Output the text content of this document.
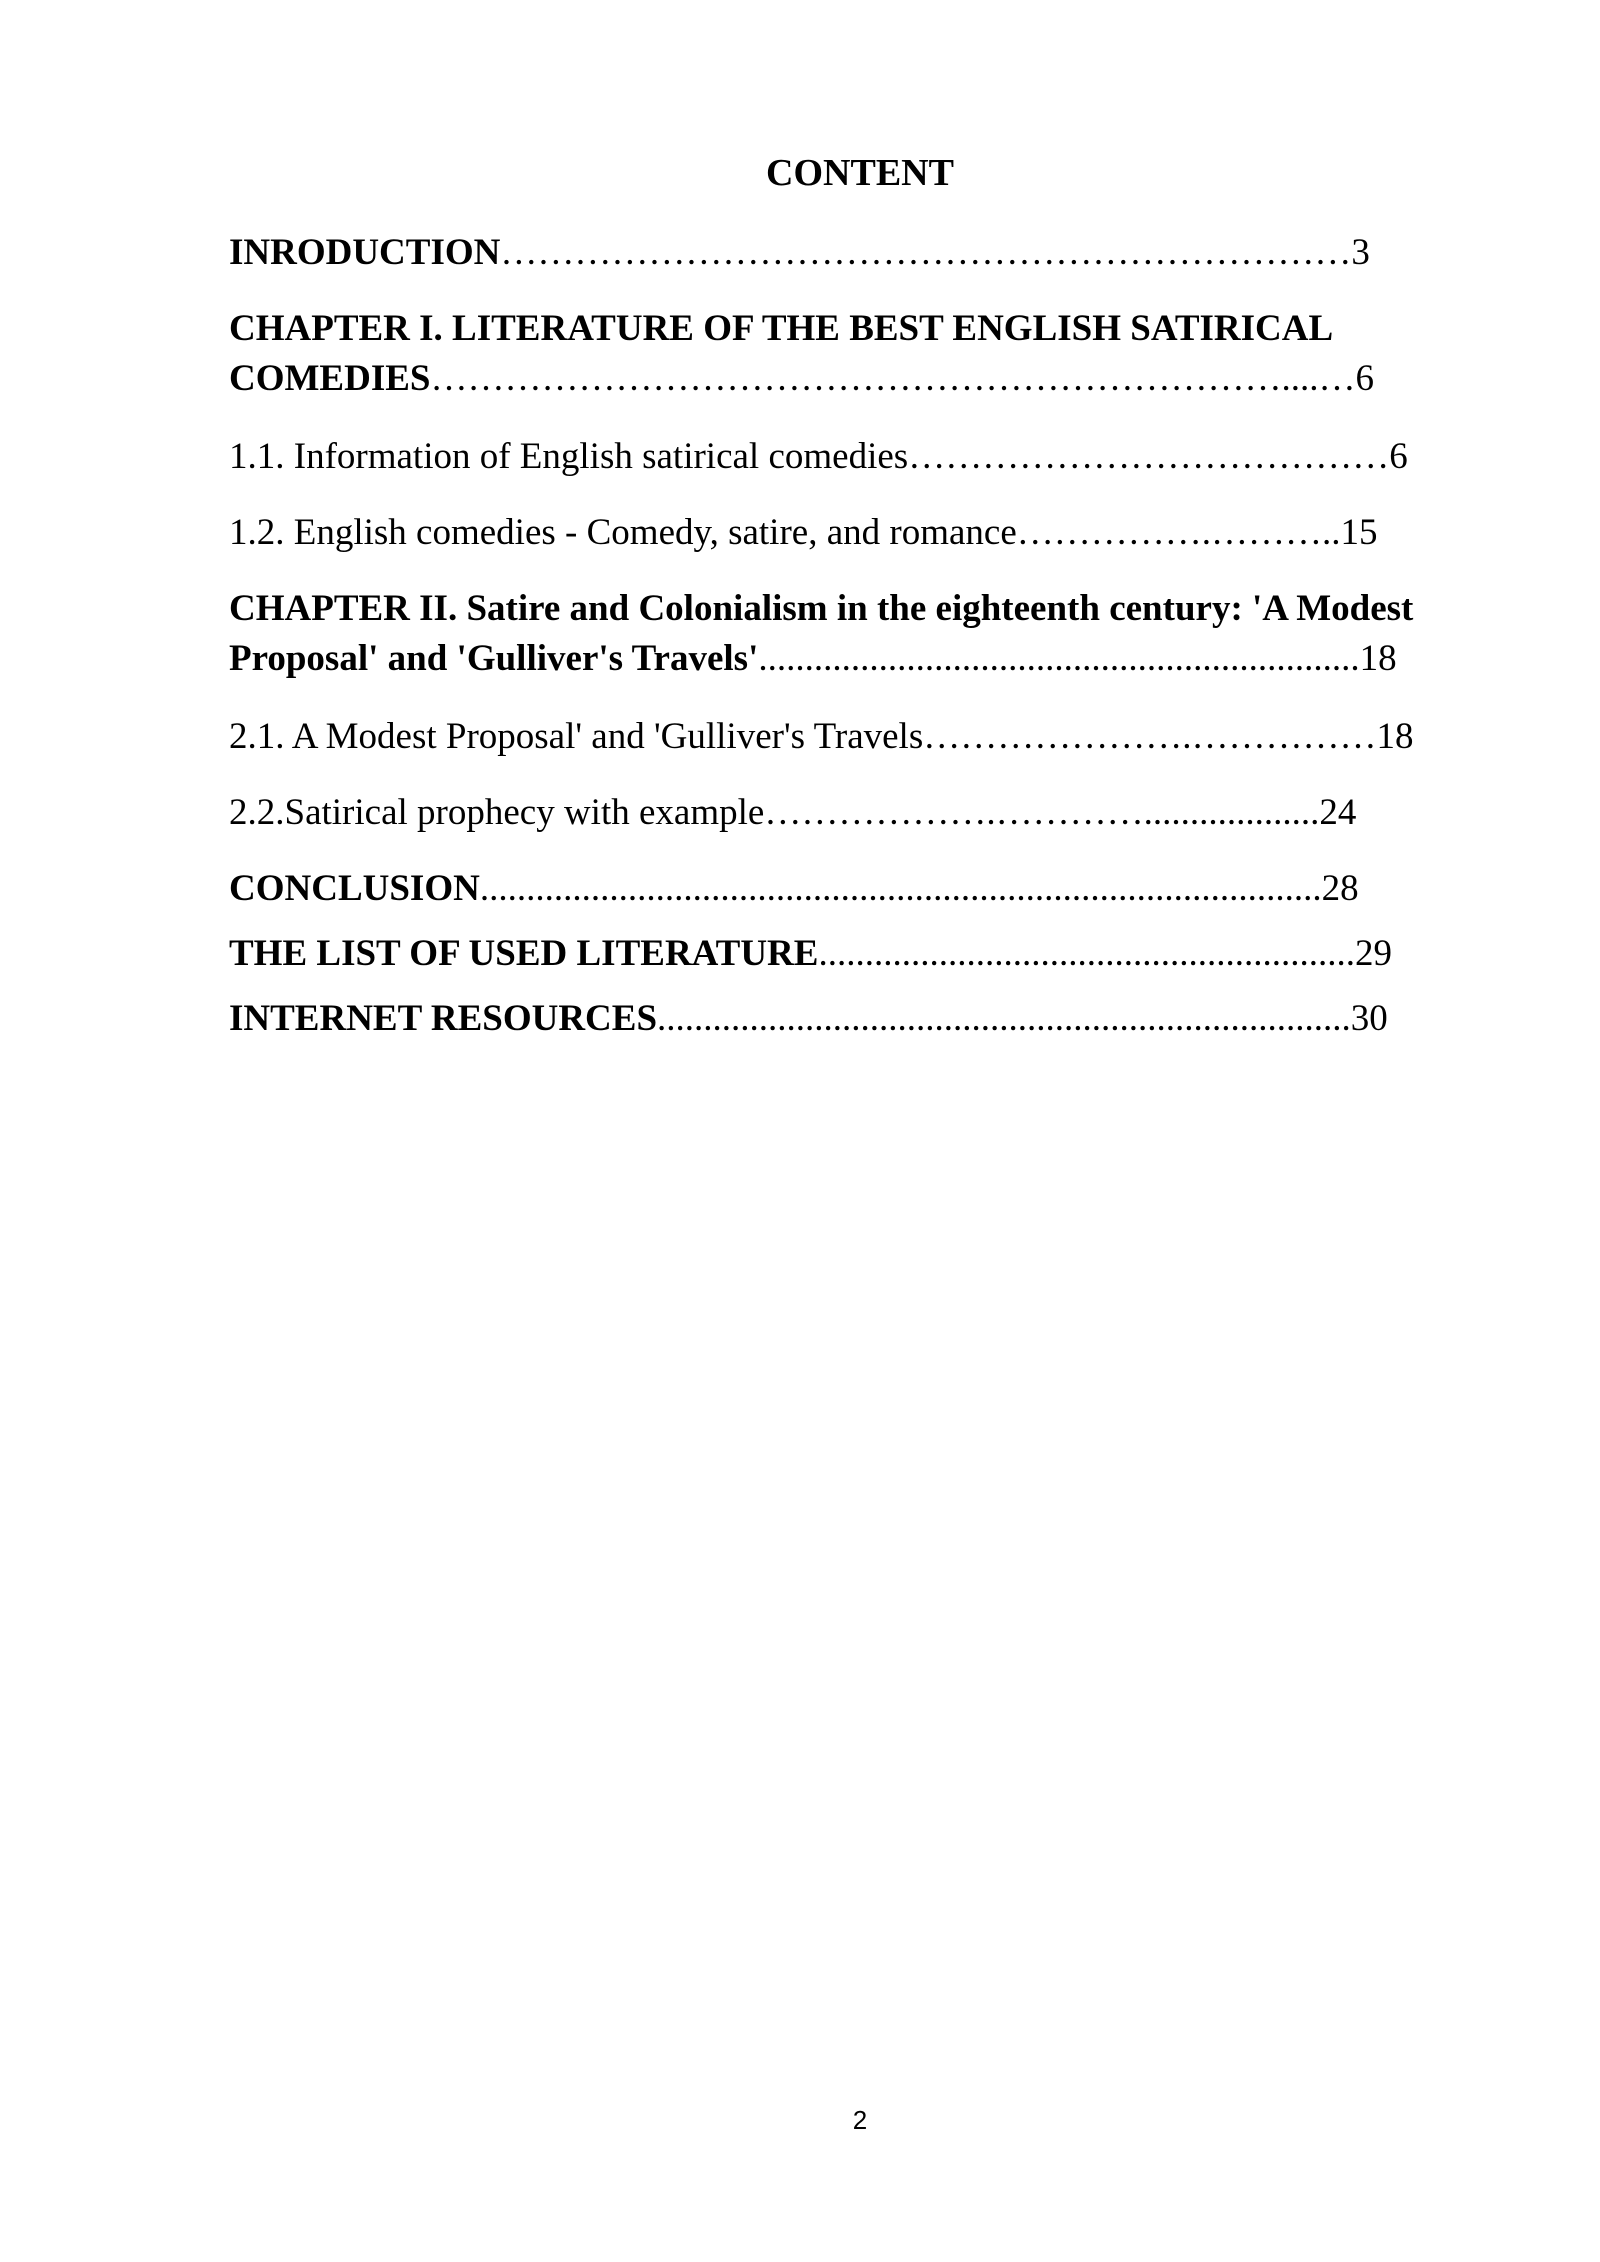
CONTENT
INRODUCTION……………………………………………………………3
CHAPTER I. LITERATURE OF THE BEST ENGLISH SATIRICAL
COMEDIES……………………………………………………………....…6
1.1. Information of English satirical comedies…………………………………6
1.2. English comedies - Comedy, satire, and romance…………….………..15
CHAPTER II. Satire and Colonialism in the eighteenth century: 'A Modest
Proposal' and 'Gulliver's Travels'.................................................................18
2.1. A Modest Proposal' and 'Gulliver's Travels………………….……………18
2.2.Satirical prophecy with example……………….…………...................24
CONCLUSION...........................................................................................28
THE LIST OF USED LITERATURE..........................................................29
INTERNET RESOURCES...........................................................................30
2
